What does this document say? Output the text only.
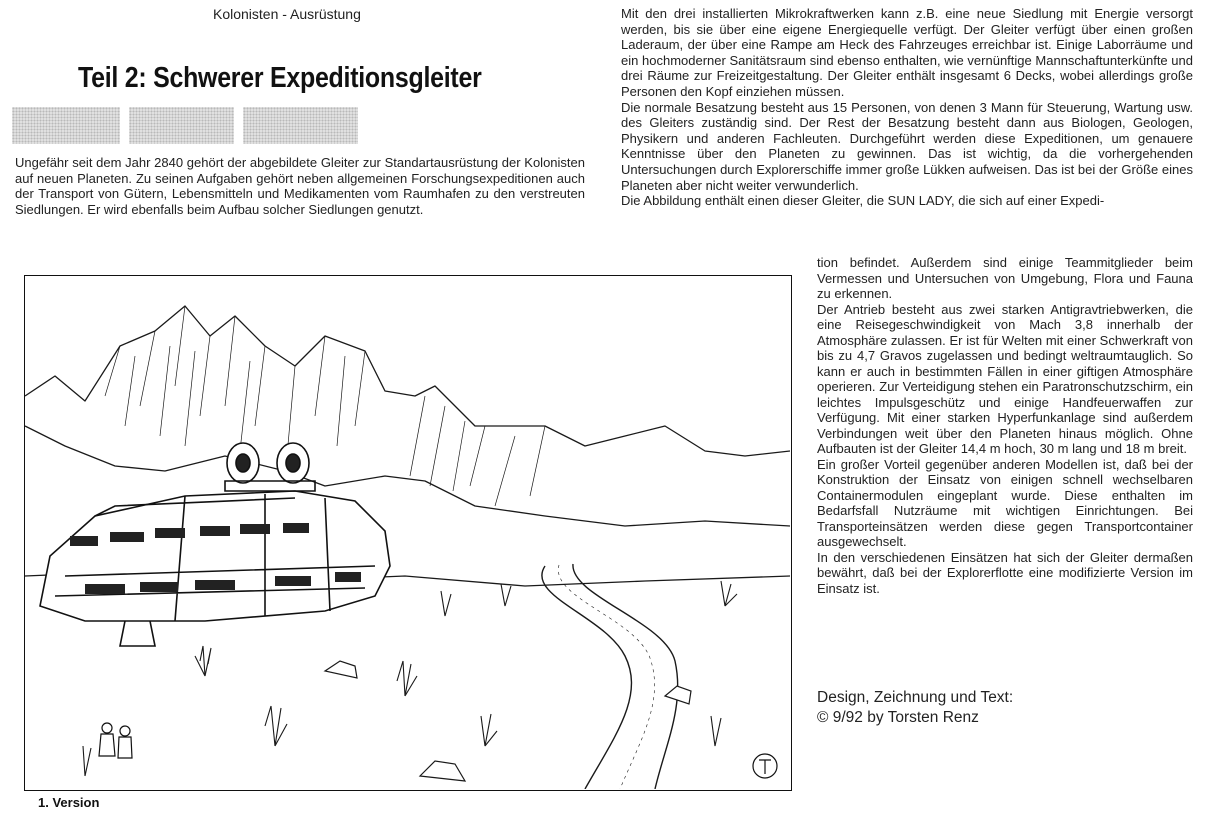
Kolonisten - Ausrüstung
Teil 2: Schwerer Expeditionsgleiter
Ungefähr seit dem Jahr 2840 gehört der abgebildete Gleiter zur Standartausrüstung der Kolonisten auf neuen Planeten. Zu seinen Aufgaben gehört neben allgemeinen Forschungsexpeditionen auch der Transport von Gütern, Lebensmitteln und Medikamenten vom Raumhafen zu den verstreuten Siedlungen. Er wird ebenfalls beim Aufbau solcher Siedlungen genutzt.

Mit den drei installierten Mikrokraftwerken kann z.B. eine neue Siedlung mit Energie versorgt werden, bis sie über eine eigene Energiequelle verfügt. Der Gleiter verfügt über einen großen Laderaum, der über eine Rampe am Heck des Fahrzeuges erreichbar ist. Einige Laborräume und ein hochmoderner Sanitätsraum sind ebenso enthalten, wie vernünftige Mannschaftunterkünfte und drei Räume zur Freizeitgestaltung. Der Gleiter enthält insgesamt 6 Decks, wobei allerdings große Personen den Kopf einziehen müssen.

Die normale Besatzung besteht aus 15 Personen, von denen 3 Mann für Steuerung, Wartung usw. des Gleiters zuständig sind. Der Rest der Besatzung besteht dann aus Biologen, Geologen, Physikern und anderen Fachleuten. Durchgeführt werden diese Expeditionen, um genauere Kenntnisse über den Planeten zu gewinnen. Das ist wichtig, da die vorhergehenden Untersuchungen durch Explorerschiffe immer große Lükken aufweisen. Das ist bei der Größe eines Planeten aber nicht weiter verwunderlich.

Die Abbildung enthält einen dieser Gleiter, die SUN LADY, die sich auf einer Expedi-

tion befindet. Außerdem sind einige Teammitglieder beim Vermessen und Untersuchen von Umgebung, Flora und Fauna zu erkennen.

Der Antrieb besteht aus zwei starken Antigravtriebwerken, die eine Reisegeschwindigkeit von Mach 3,8 innerhalb der Atmosphäre zulassen. Er ist für Welten mit einer Schwerkraft von bis zu 4,7 Gravos zugelassen und bedingt weltraumtauglich. So kann er auch in bestimmten Fällen in einer giftigen Atmosphäre operieren. Zur Verteidigung stehen ein Paratronschutzschirm, ein leichtes Impulsgeschütz und einige Handfeuerwaffen zur Verfügung. Mit einer starken Hyperfunkanlage sind außerdem Verbindungen weit über den Planeten hinaus möglich. Ohne Aufbauten ist der Gleiter 14,4 m hoch, 30 m lang und 18 m breit.

Ein großer Vorteil gegenüber anderen Modellen ist, daß bei der Konstruktion der Einsatz von einigen schnell wechselbaren Containermodulen eingeplant wurde. Diese enthalten im Bedarfsfall Nutzräume mit wichtigen Einrichtungen. Bei Transporteinsätzen werden diese gegen Transportcontainer ausgewechselt.

In den verschiedenen Einsätzen hat sich der Gleiter dermaßen bewährt, daß bei der Explorerflotte eine modifizierte Version im Einsatz ist.

Design, Zeichnung und Text:
© 9/92 by Torsten Renz
1. Version
